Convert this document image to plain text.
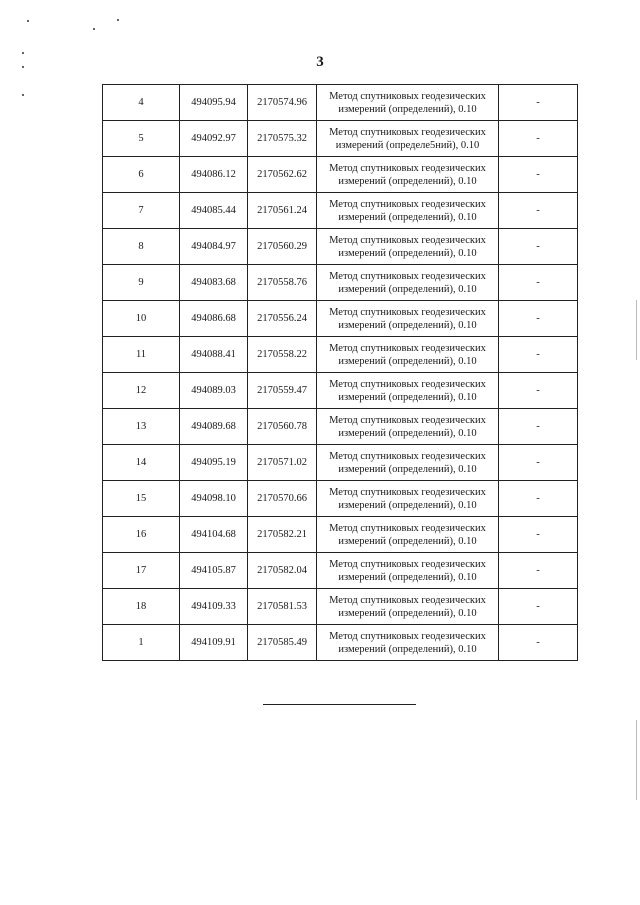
3
4	494095.94	2170574.96	Метод спутниковых геодезических
измерений (определений), 0.10	-
5	494092.97	2170575.32	Метод спутниковых геодезических
измерений (определе5ний), 0.10	-
6	494086.12	2170562.62	Метод спутниковых геодезических
измерений (определений), 0.10	-
7	494085.44	2170561.24	Метод спутниковых геодезических
измерений (определений), 0.10	-
8	494084.97	2170560.29	Метод спутниковых геодезических
измерений (определений), 0.10	-
9	494083.68	2170558.76	Метод спутниковых геодезических
измерений (определений), 0.10	-
10	494086.68	2170556.24	Метод спутниковых геодезических
измерений (определений), 0.10	-
11	494088.41	2170558.22	Метод спутниковых геодезических
измерений (определений), 0.10	-
12	494089.03	2170559.47	Метод спутниковых геодезических
измерений (определений), 0.10	-
13	494089.68	2170560.78	Метод спутниковых геодезических
измерений (определений), 0.10	-
14	494095.19	2170571.02	Метод спутниковых геодезических
измерений (определений), 0.10	-
15	494098.10	2170570.66	Метод спутниковых геодезических
измерений (определений), 0.10	-
16	494104.68	2170582.21	Метод спутниковых геодезических
измерений (определений), 0.10	-
17	494105.87	2170582.04	Метод спутниковых геодезических
измерений (определений), 0.10	-
18	494109.33	2170581.53	Метод спутниковых геодезических
измерений (определений), 0.10	-
1	494109.91	2170585.49	Метод спутниковых геодезических
измерений (определений), 0.10	-
